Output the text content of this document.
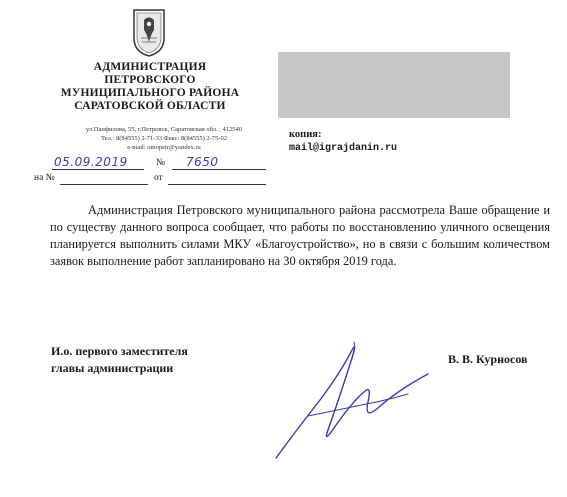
АДМИНИСТРАЦИЯ
ПЕТРОВСКОГО
МУНИЦИПАЛЬНОГО РАЙОНА
САРАТОВСКОЙ ОБЛАСТИ
ул.Панфилова, 55, г.Петровск, Саратовская обл. , 412540
Тел.: 8(84555) 2-71-33 Факс: 8(84555) 2-75-02
e-mail: omopetr@yandex.ru
05.09.2019	№ 7650
на №	от
копия:
mail@igrajdanin.ru
Администрация Петровского муниципального района рассмотрела Ваше обращение и по существу данного вопроса сообщает, что работы по восстановлению уличного освещения планируется выполнить силами МКУ «Благоустройство», но в связи с большим количеством заявок выполнение работ запланировано на 30 октября 2019 года.
И.о. первого заместителя
главы администрации
В. В. Курносов
